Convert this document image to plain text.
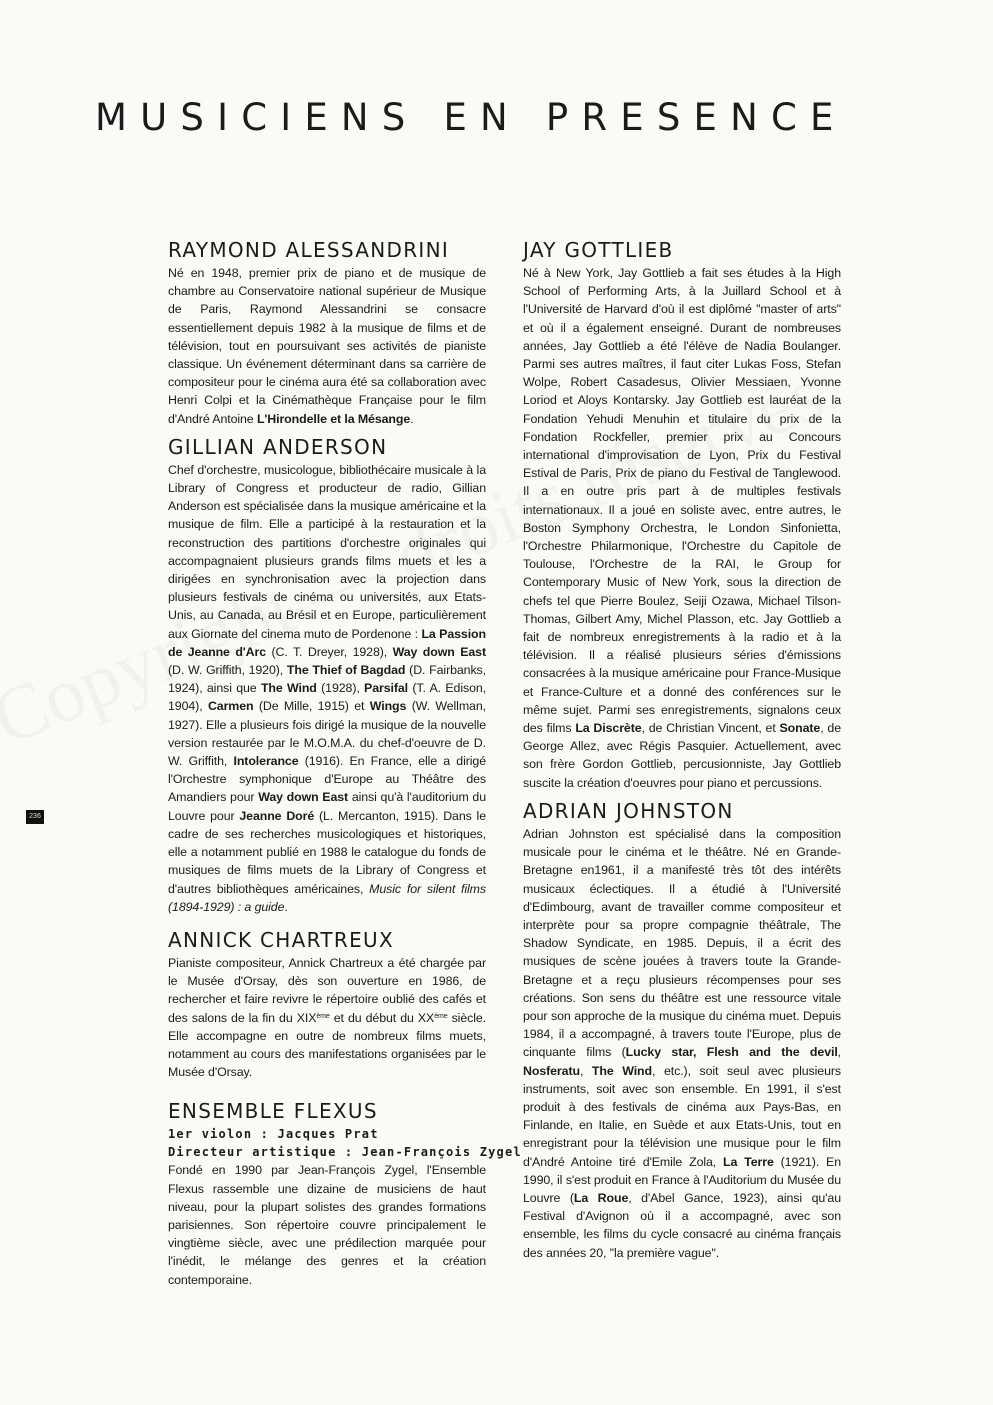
MUSICIENS EN PRESENCE
236
RAYMOND ALESSANDRINI

Né en 1948, premier prix de piano et de musique de chambre au Conservatoire national supérieur de Musique de Paris, Raymond Alessandrini se consacre essentiellement depuis 1982 à la musique de films et de télévision, tout en poursuivant ses activités de pianiste classique. Un événement déterminant dans sa carrière de compositeur pour le cinéma aura été sa collaboration avec Henri Colpi et la Cinémathèque Française pour le film d'André Antoine L'Hirondelle et la Mésange.

GILLIAN ANDERSON

Chef d'orchestre, musicologue, bibliothécaire musicale à la Library of Congress et producteur de radio, Gillian Anderson est spécialisée dans la musique américaine et la musique de film. Elle a participé à la restauration et la reconstruction des partitions d'orchestre originales qui accompagnaient plusieurs grands films muets et les a dirigées en synchronisation avec la projection dans plusieurs festivals de cinéma ou universités, aux Etats-Unis, au Canada, au Brésil et en Europe, particulièrement aux Giornate del cinema muto de Pordenone : La Passion de Jeanne d'Arc (C. T. Dreyer, 1928), Way down East (D. W. Griffith, 1920), The Thief of Bagdad (D. Fairbanks, 1924), ainsi que The Wind (1928), Parsifal (T. A. Edison, 1904), Carmen (De Mille, 1915) et Wings (W. Wellman, 1927). Elle a plusieurs fois dirigé la musique de la nouvelle version restaurée par le M.O.M.A. du chef-d'oeuvre de D. W. Griffith, Intolerance (1916). En France, elle a dirigé l'Orchestre symphonique d'Europe au Théâtre des Amandiers pour Way down East ainsi qu'à l'auditorium du Louvre pour Jeanne Doré (L. Mercanton, 1915). Dans le cadre de ses recherches musicologiques et historiques, elle a notamment publié en 1988 le catalogue du fonds de musiques de films muets de la Library of Congress et d'autres bibliothèques américaines, Music for silent films (1894-1929) : a guide.

ANNICK CHARTREUX

Pianiste compositeur, Annick Chartreux a été chargée par le Musée d'Orsay, dès son ouverture en 1986, de rechercher et faire revivre le répertoire oublié des cafés et des salons de la fin du XIXème et du début du XXème siècle. Elle accompagne en outre de nombreux films muets, notamment au cours des manifestations organisées par le Musée d'Orsay.

ENSEMBLE FLEXUS

1er violon : Jacques Prat

Directeur artistique : Jean-François Zygel

Fondé en 1990 par Jean-François Zygel, l'Ensemble Flexus rassemble une dizaine de musiciens de haut niveau, pour la plupart solistes des grandes formations parisiennes. Son répertoire couvre principalement le vingtième siècle, avec une prédilection marquée pour l'inédit, le mélange des genres et la création contemporaine.

JAY GOTTLIEB

Né à New York, Jay Gottlieb a fait ses études à la High School of Performing Arts, à la Juillard School et à l'Université de Harvard d'où il est diplômé "master of arts" et où il a également enseigné. Durant de nombreuses années, Jay Gottlieb a été l'élève de Nadia Boulanger. Parmi ses autres maîtres, il faut citer Lukas Foss, Stefan Wolpe, Robert Casadesus, Olivier Messiaen, Yvonne Loriod et Aloys Kontarsky. Jay Gottlieb est lauréat de la Fondation Yehudi Menuhin et titulaire du prix de la Fondation Rockfeller, premier prix au Concours international d'improvisation de Lyon, Prix du Festival Estival de Paris, Prix de piano du Festival de Tanglewood. Il a en outre pris part à de multiples festivals internationaux. Il a joué en soliste avec, entre autres, le Boston Symphony Orchestra, le London Sinfonietta, l'Orchestre Philarmonique, l'Orchestre du Capitole de Toulouse, l'Orchestre de la RAI, le Group for Contemporary Music of New York, sous la direction de chefs tel que Pierre Boulez, Seiji Ozawa, Michael Tilson-Thomas, Gilbert Amy, Michel Plasson, etc. Jay Gottlieb a fait de nombreux enregistrements à la radio et à la télévision. Il a réalisé plusieurs séries d'émissions consacrées à la musique américaine pour France-Musique et France-Culture et a donné des conférences sur le même sujet. Parmi ses enregistrements, signalons ceux des films La Discrète, de Christian Vincent, et Sonate, de George Allez, avec Régis Pasquier. Actuellement, avec son frère Gordon Gottlieb, percusionniste, Jay Gottlieb suscite la création d'oeuvres pour piano et percussions.

ADRIAN JOHNSTON

Adrian Johnston est spécialisé dans la composition musicale pour le cinéma et le théâtre. Né en Grande-Bretagne en1961, il a manifesté très tôt des intérêts musicaux éclectiques. Il a étudié à l'Université d'Edimbourg, avant de travailler comme compositeur et interprète pour sa propre compagnie théâtrale, The Shadow Syndicate, en 1985. Depuis, il a écrit des musiques de scène jouées à travers toute la Grande-Bretagne et a reçu plusieurs récompenses pour ses créations. Son sens du théâtre est une ressource vitale pour son approche de la musique du cinéma muet. Depuis 1984, il a accompagné, à travers toute l'Europe, plus de cinquante films (Lucky star, Flesh and the devil, Nosferatu, The Wind, etc.), soit seul avec plusieurs instruments, soit avec son ensemble. En 1991, il s'est produit à des festivals de cinéma aux Pays-Bas, en Finlande, en Italie, en Suède et aux Etats-Unis, tout en enregistrant pour la télévision une musique pour le film d'André Antoine tiré d'Emile Zola, La Terre (1921). En 1990, il s'est produit en France à l'Auditorium du Musée du Louvre (La Roue, d'Abel Gance, 1923), ainsi qu'au Festival d'Avignon où il a accompagné, avec son ensemble, les films du cycle consacré au cinéma français des années 20, "la première vague".
